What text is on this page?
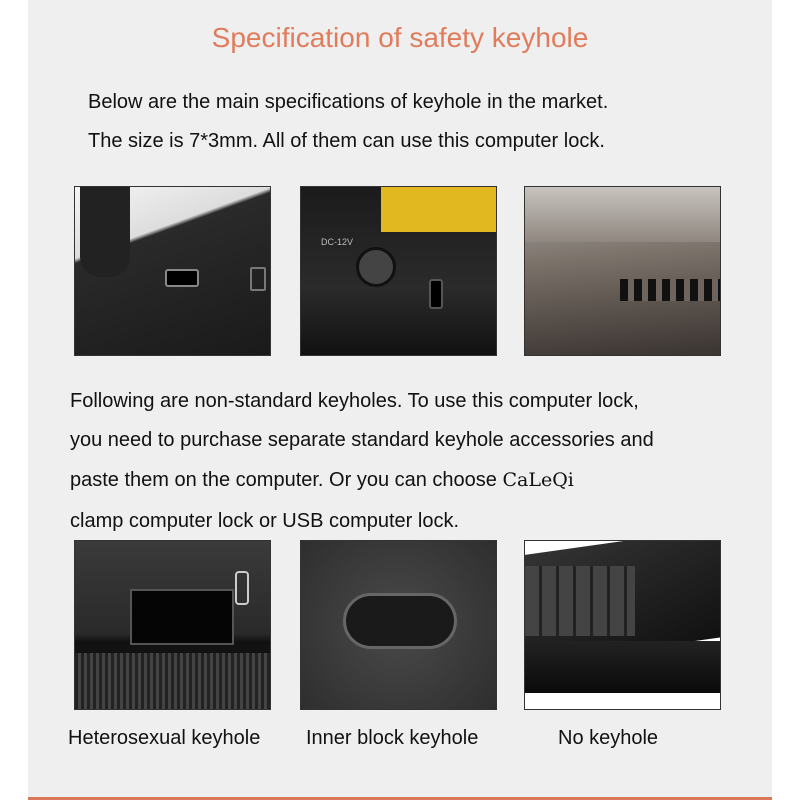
Specification of safety keyhole
Below are the main specifications of keyhole in the market.
The size is 7*3mm. All of them can use this computer lock.
DC-12V
Following are non-standard keyholes. To use this computer lock,
you need to purchase separate standard keyhole accessories and
paste them on the computer. Or you can choose CaLeQi
clamp computer lock or USB computer lock.
Heterosexual keyhole Inner block keyhole	No keyhole
